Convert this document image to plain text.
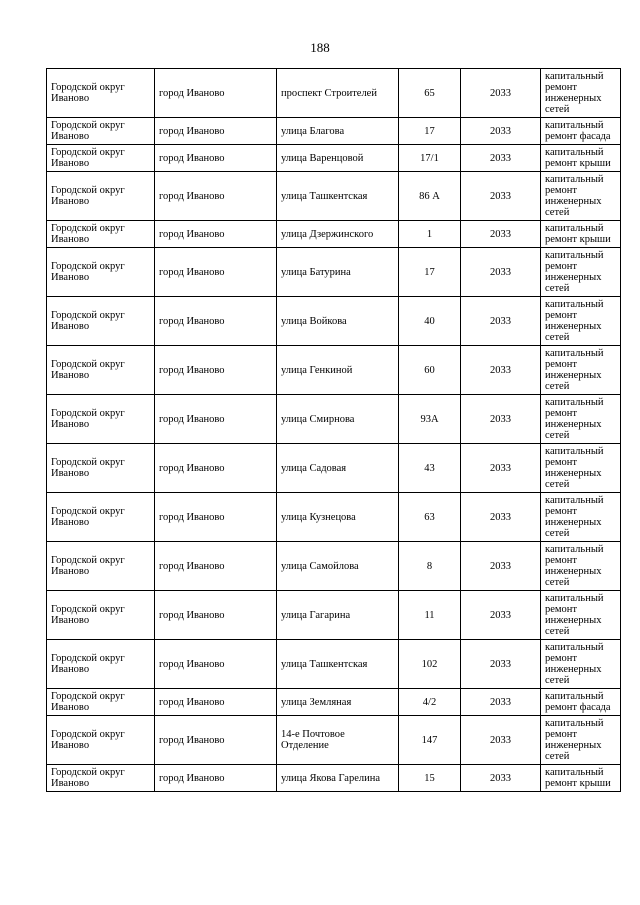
188
Городской округ Иваново	город Иваново	проспект Строителей	65	2033	капитальный ремонт инженерных сетей
Городской округ Иваново	город Иваново	улица Благова	17	2033	капитальный ремонт фасада
Городской округ Иваново	город Иваново	улица Варенцовой	17/1	2033	капитальный ремонт крыши
Городской округ Иваново	город Иваново	улица Ташкентская	86 А	2033	капитальный ремонт инженерных сетей
Городской округ Иваново	город Иваново	улица Дзержинского	1	2033	капитальный ремонт крыши
Городской округ Иваново	город Иваново	улица Батурина	17	2033	капитальный ремонт инженерных сетей
Городской округ Иваново	город Иваново	улица Войкова	40	2033	капитальный ремонт инженерных сетей
Городской округ Иваново	город Иваново	улица Генкиной	60	2033	капитальный ремонт инженерных сетей
Городской округ Иваново	город Иваново	улица Смирнова	93А	2033	капитальный ремонт инженерных сетей
Городской округ Иваново	город Иваново	улица Садовая	43	2033	капитальный ремонт инженерных сетей
Городской округ Иваново	город Иваново	улица Кузнецова	63	2033	капитальный ремонт инженерных сетей
Городской округ Иваново	город Иваново	улица Самойлова	8	2033	капитальный ремонт инженерных сетей
Городской округ Иваново	город Иваново	улица Гагарина	11	2033	капитальный ремонт инженерных сетей
Городской округ Иваново	город Иваново	улица Ташкентская	102	2033	капитальный ремонт инженерных сетей
Городской округ Иваново	город Иваново	улица Земляная	4/2	2033	капитальный ремонт фасада
Городской округ Иваново	город Иваново	14-е Почтовое Отделение	147	2033	капитальный ремонт инженерных сетей
Городской округ Иваново	город Иваново	улица Якова Гарелина	15	2033	капитальный ремонт крыши
